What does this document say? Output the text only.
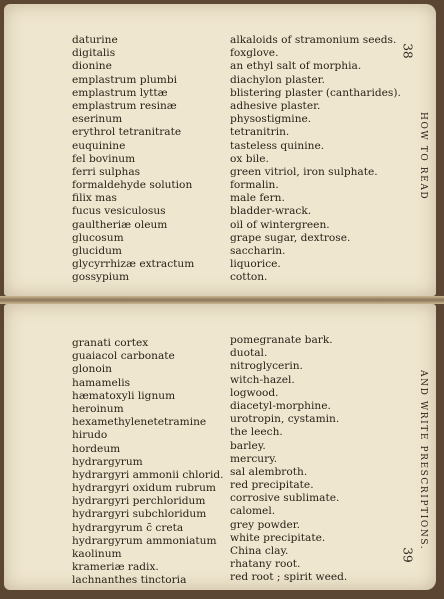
daturine
digitalis
dionine
emplastrum plumbi
emplastrum lyttæ
emplastrum resinæ
eserinum
erythrol tetranitrate
euquinine
fel bovinum
ferri sulphas
formaldehyde solution
filix mas
fucus vesiculosus
gaultheriæ oleum
glucosum
glucidum
glycyrrhizæ extractum
gossypium
alkaloids of stramonium seeds.
foxglove.
an ethyl salt of morphia.
diachylon plaster.
blistering plaster (cantharides).
adhesive plaster.
physostigmine.
tetranitrin.
tasteless quinine.
ox bile.
green vitriol, iron sulphate.
formalin.
male fern.
bladder-wrack.
oil of wintergreen.
grape sugar, dextrose.
saccharin.
liquorice.
cotton.
38
HOW TO READ
granati cortex
guaiacol carbonate
glonoin
hamamelis
hæmatoxyli lignum
heroinum
hexamethylenetetramine
hirudo
hordeum
hydrargyrum
hydrargyri ammonii chlorid.
hydrargyri oxidum rubrum
hydrargyri perchloridum
hydrargyri subchloridum
hydrargyrum c̄ creta
hydrargyrum ammoniatum
kaolinum
krameriæ radix.
lachnanthes tinctoria
pomegranate bark.
duotal.
nitroglycerin.
witch-hazel.
logwood.
diacetyl-morphine.
urotropin, cystamin.
the leech.
barley.
mercury.
sal alembroth.
red precipitate.
corrosive sublimate.
calomel.
grey powder.
white precipitate.
China clay.
rhatany root.
red root ; spirit weed.
AND WRITE PRESCRIPTIONS.
39
